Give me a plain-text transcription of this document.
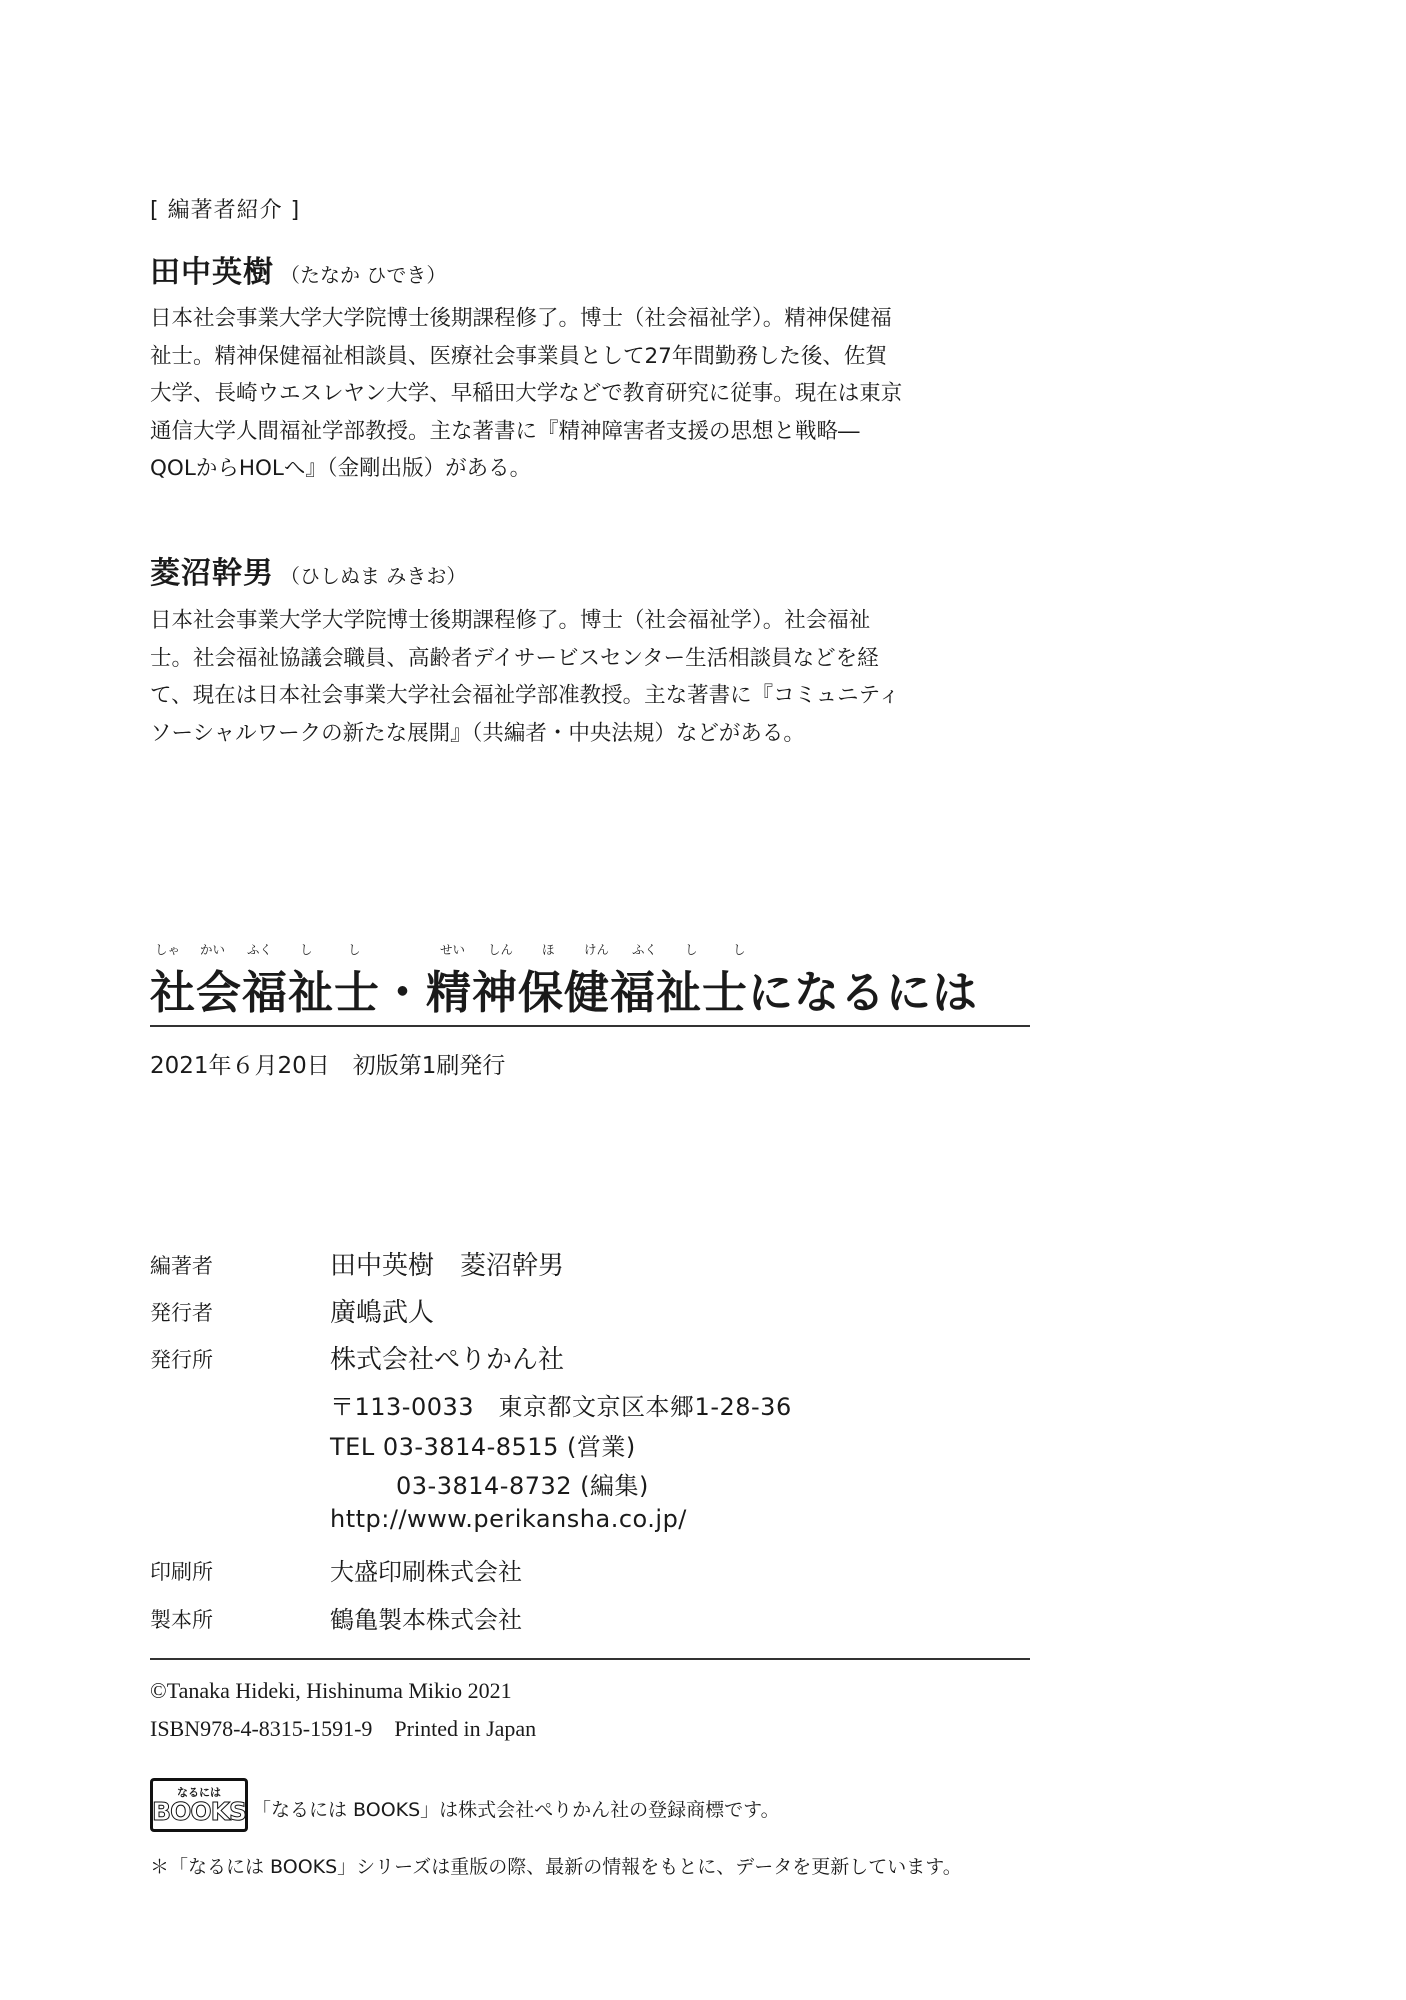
[ 編著者紹介 ]
田中英樹 （たなか ひでき）
日本社会事業大学大学院博士後期課程修了。博士（社会福祉学）。精神保健福
祉士。精神保健福祉相談員、医療社会事業員として27年間勤務した後、佐賀
大学、長崎ウエスレヤン大学、早稲田大学などで教育研究に従事。現在は東京
通信大学人間福祉学部教授。主な著書に『精神障害者支援の思想と戦略―
QOLからHOLへ』（金剛出版）がある。
菱沼幹男 （ひしぬま みきお）
日本社会事業大学大学院博士後期課程修了。博士（社会福祉学）。社会福祉
士。社会福祉協議会職員、高齢者デイサービスセンター生活相談員などを経
て、現在は日本社会事業大学社会福祉学部准教授。主な著書に『コミュニティ
ソーシャルワークの新たな展開』（共編者・中央法規）などがある。
しゃ かい ふく し	し	せい しん ほ けん ふく し	し
社会福祉士・精神保健福祉士になるには
2021年６月20日　初版第1刷発行
編著者	田中英樹　菱沼幹男
発行者	廣嶋武人
発行所	株式会社ぺりかん社
〒113-0033　東京都文京区本郷1-28-36
TEL 03-3814-8515 (営業)
03-3814-8732 (編集)
http://www.perikansha.co.jp/
印刷所	大盛印刷株式会社
製本所	鶴亀製本株式会社
©Tanaka Hideki, Hishinuma Mikio 2021
ISBN978-4-8315-1591-9　Printed in Japan
なるには
BOOKS 「なるには BOOKS」は株式会社ぺりかん社の登録商標です。
＊「なるには BOOKS」シリーズは重版の際、最新の情報をもとに、データを更新しています。
